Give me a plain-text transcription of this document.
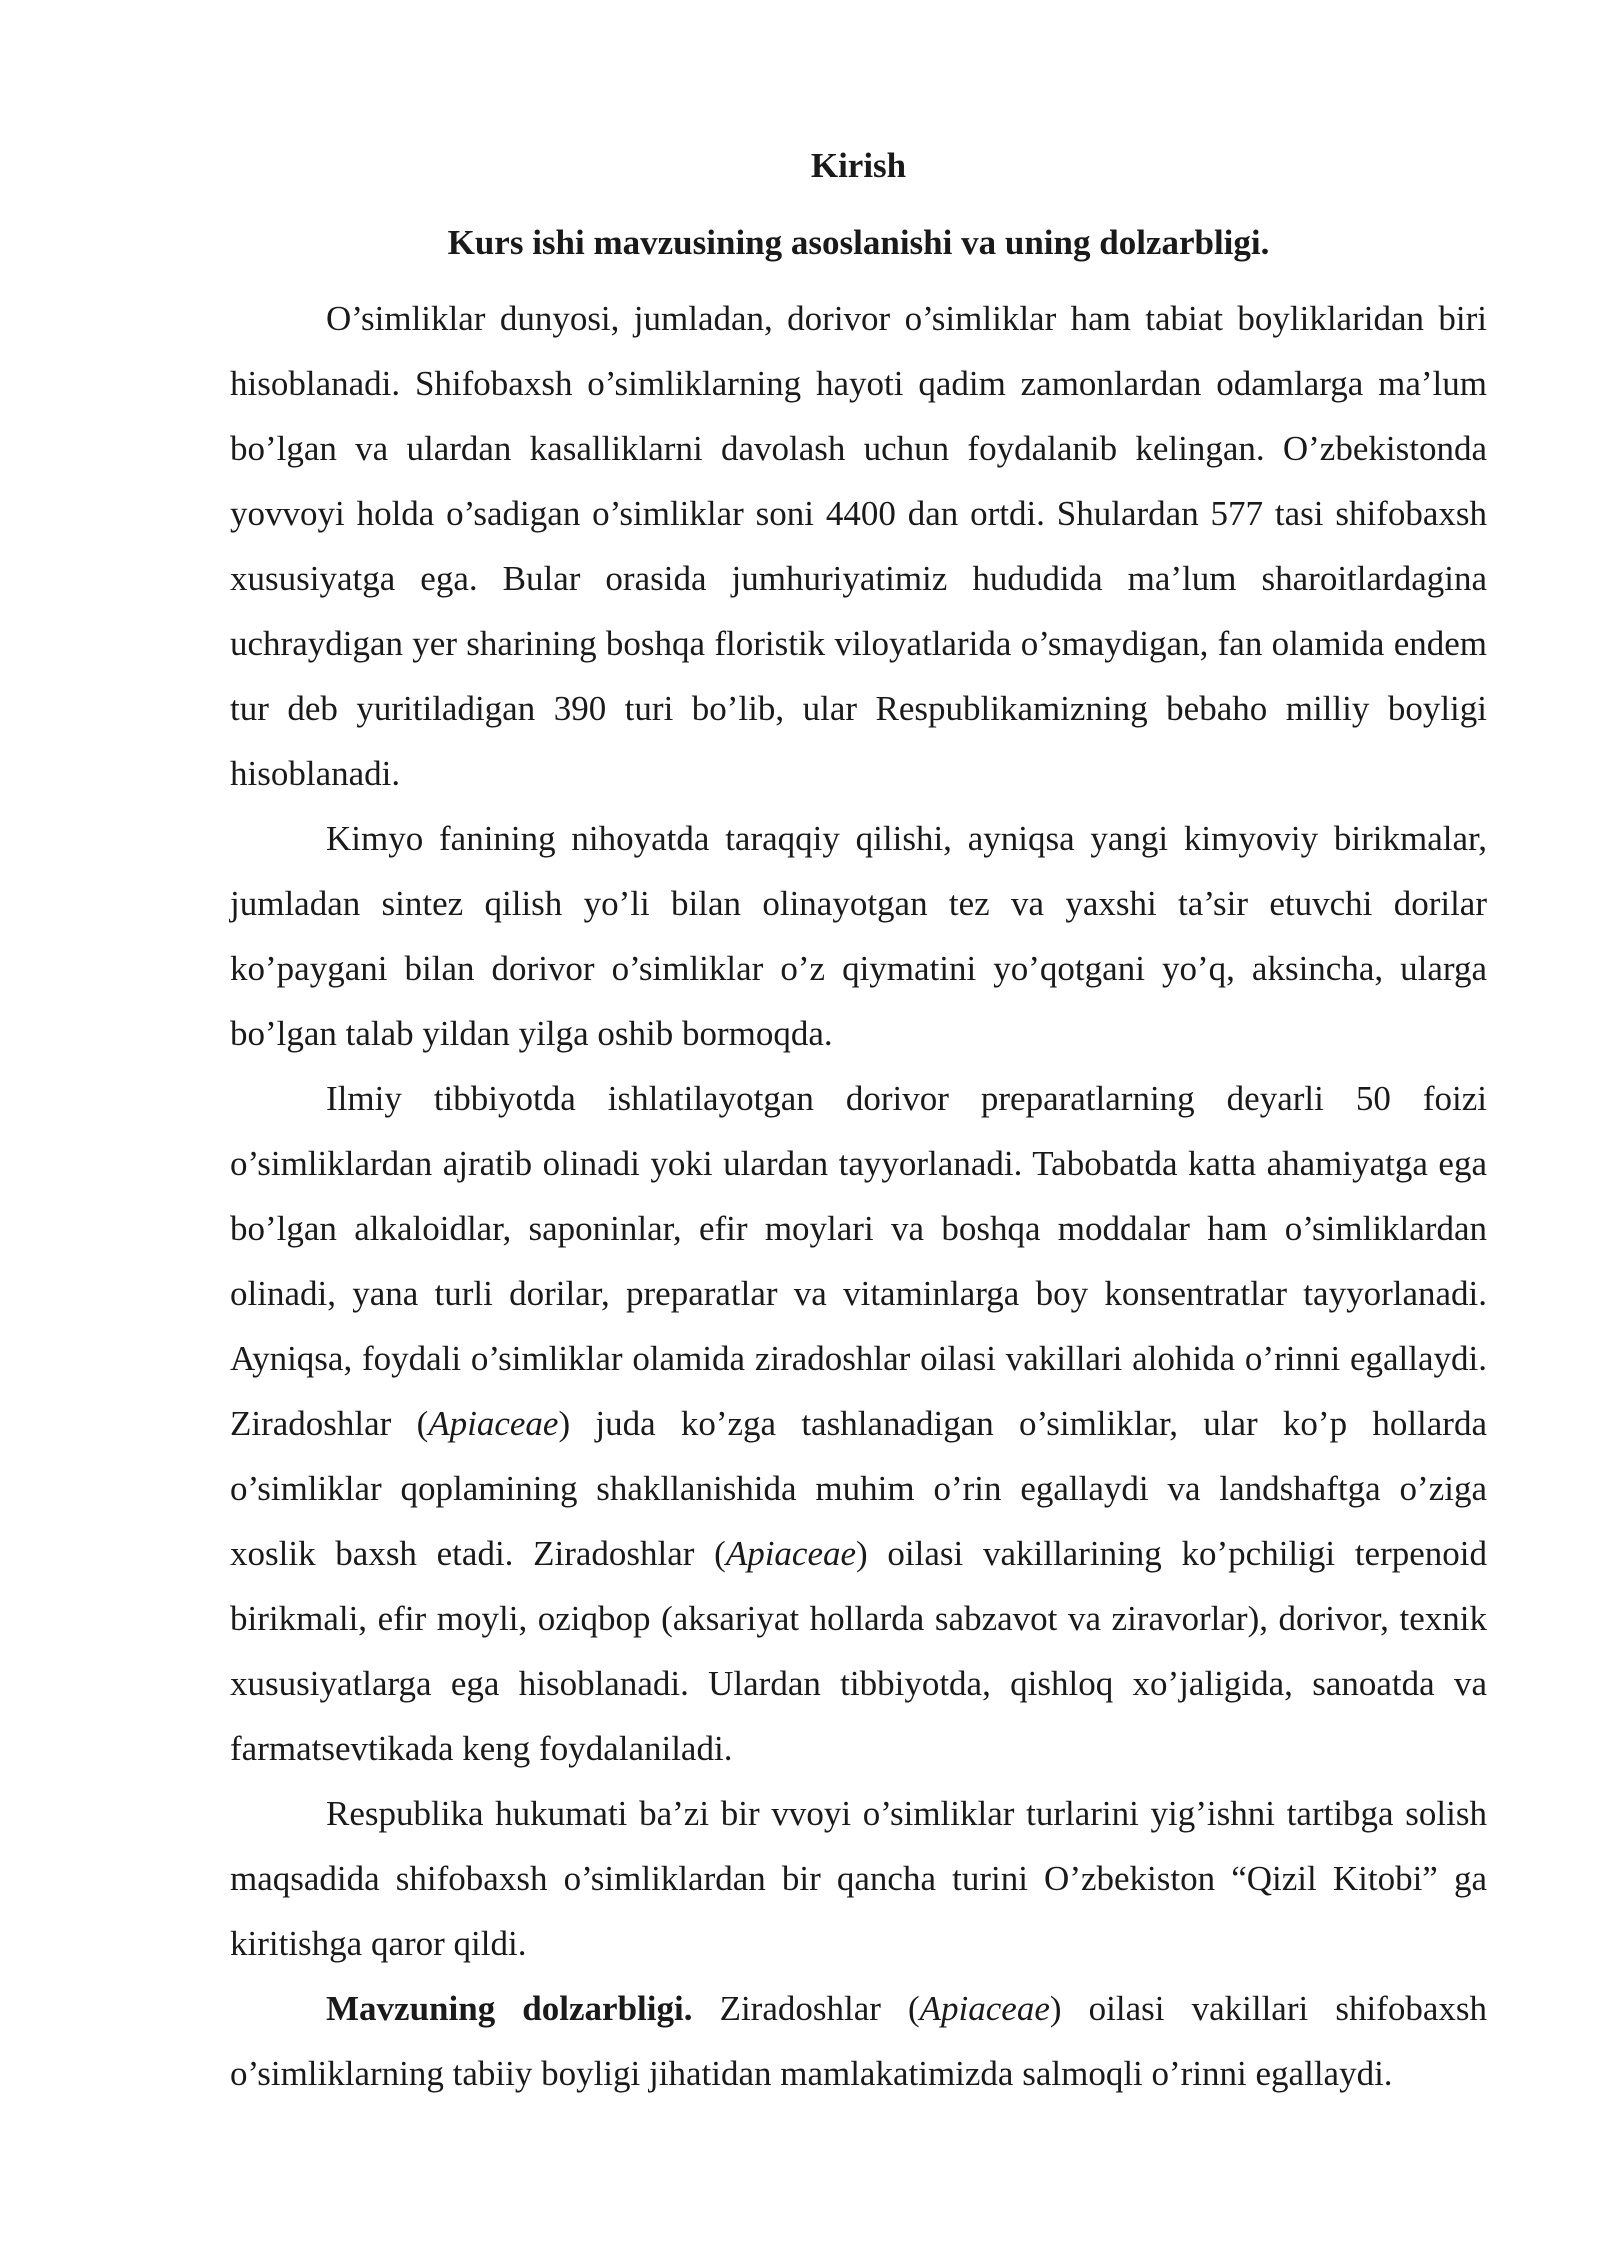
Kirish

Kurs ishi mavzusining asoslanishi va uning dolzarbligi.

O’simliklar dunyosi, jumladan, dorivor o’simliklar ham tabiat boyliklaridan biri hisoblanadi. Shifobaxsh o’simliklarning hayoti qadim zamonlardan odamlarga ma’lum bo’lgan va ulardan kasalliklarni davolash uchun foydalanib kelingan. O’zbekistonda yovvoyi holda o’sadigan o’simliklar soni 4400 dan ortdi. Shulardan 577 tasi shifobaxsh xususiyatga ega. Bular orasida jumhuriyatimiz hududida ma’lum sharoitlardagina uchraydigan yer sharining boshqa floristik viloyatlarida o’smaydigan, fan olamida endem tur deb yuritiladigan 390 turi bo’lib, ular Respublikamizning bebaho milliy boyligi hisoblanadi.

Kimyo fanining nihoyatda taraqqiy qilishi, ayniqsa yangi kimyoviy birikmalar, jumladan sintez qilish yo’li bilan olinayotgan tez va yaxshi ta’sir etuvchi dorilar ko’paygani bilan dorivor o’simliklar o’z qiymatini yo’qotgani yo’q, aksincha, ularga bo’lgan talab yildan yilga oshib bormoqda.

Ilmiy tibbiyotda ishlatilayotgan dorivor preparatlarning deyarli 50 foizi o’simliklardan ajratib olinadi yoki ulardan tayyorlanadi. Tabobatda katta ahamiyatga ega bo’lgan alkaloidlar, saponinlar, efir moylari va boshqa moddalar ham o’simliklardan olinadi, yana turli dorilar, preparatlar va vitaminlarga boy konsentratlar tayyorlanadi. Ayniqsa, foydali o’simliklar olamida ziradoshlar oilasi vakillari alohida o’rinni egallaydi. Ziradoshlar (Apiaceae) juda ko’zga tashlanadigan o’simliklar, ular ko’p hollarda o’simliklar qoplamining shakllanishida muhim o’rin egallaydi va landshaftga o’ziga xoslik baxsh etadi. Ziradoshlar (Apiaceae) oilasi vakillarining ko’pchiligi terpenoid birikmali, efir moyli, oziqbop (aksariyat hollarda sabzavot va ziravorlar), dorivor, texnik xususiyatlarga ega hisoblanadi. Ulardan tibbiyotda, qishloq xo’jaligida, sanoatda va farmatsevtikada keng foydalaniladi.

Respublika hukumati ba’zi bir vvoyi o’simliklar turlarini yig’ishni tartibga solish maqsadida shifobaxsh o’simliklardan bir qancha turini O’zbekiston “Qizil Kitobi” ga kiritishga qaror qildi.

Mavzuning dolzarbligi. Ziradoshlar (Apiaceae) oilasi vakillari shifobaxsh o’simliklarning tabiiy boyligi jihatidan mamlakatimizda salmoqli o’rinni egallaydi.
